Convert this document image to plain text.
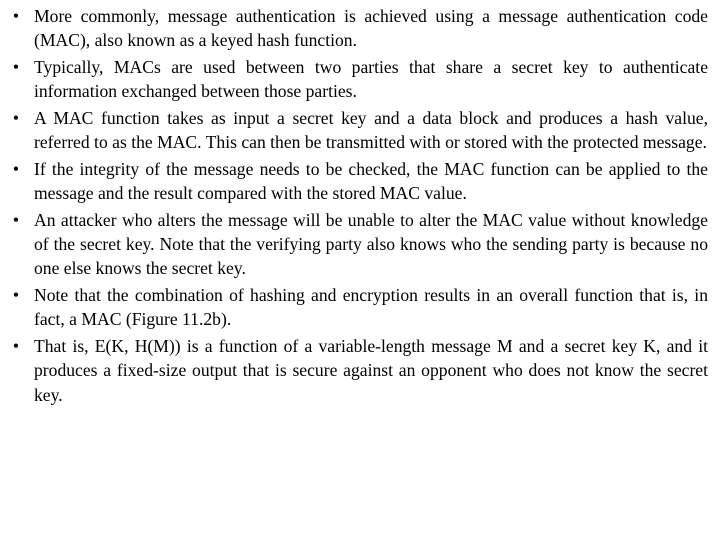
• More commonly, message authentication is achieved using a message authentication code (MAC), also known as a keyed hash function.
• Typically, MACs are used between two parties that share a secret key to authenticate information exchanged between those parties.
• A MAC function takes as input a secret key and a data block and produces a hash value, referred to as the MAC. This can then be transmitted with or stored with the protected message.
• If the integrity of the message needs to be checked, the MAC function can be applied to the message and the result compared with the stored MAC value.
• An attacker who alters the message will be unable to alter the MAC value without knowledge of the secret key. Note that the verifying party also knows who the sending party is because no one else knows the secret key.
• Note that the combination of hashing and encryption results in an overall function that is, in fact, a MAC (Figure 11.2b).
• That is, E(K, H(M)) is a function of a variable-length message M and a secret key K, and it produces a fixed-size output that is secure against an opponent who does not know the secret key.
